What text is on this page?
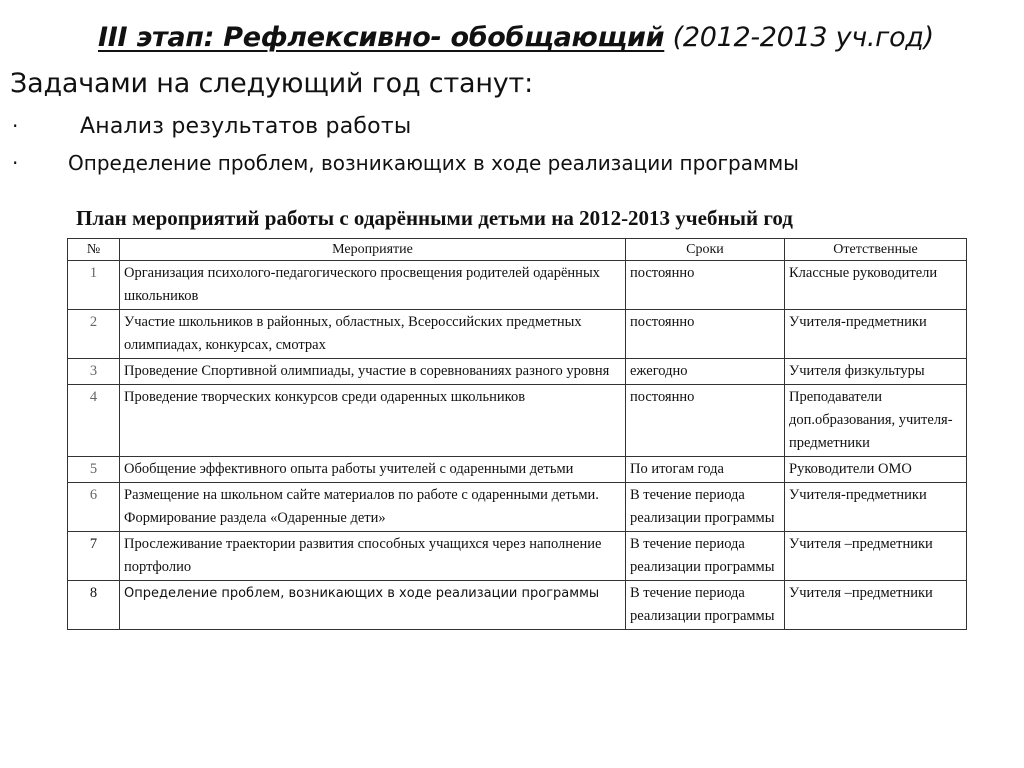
III этап: Рефлексивно- обобщающий (2012-2013 уч.год)
Задачами на следующий год станут:
·	Анализ результатов работы
· Определение проблем, возникающих в ходе реализации программы
План мероприятий работы с одарёнными детьми на 2012-2013 учебный год
№	Мероприятие	Сроки	Отетственные
1	Организация психолого-педагогического просвещения родителей одарённых школьников	постоянно	Классные руководители
2	Участие школьников в районных, областных, Всероссийских предметных олимпиадах, конкурсах, смотрах	постоянно	Учителя-предметники
3	Проведение Спортивной олимпиады, участие в соревнованиях разного уровня	ежегодно	Учителя физкультуры
4	Проведение творческих конкурсов среди одаренных школьников	постоянно	Преподаватели доп.образования, учителя-предметники
5	Обобщение эффективного опыта работы учителей с одаренными детьми	По итогам года	Руководители ОМО
6	Размещение на школьном сайте материалов по работе с одаренными детьми. Формирование раздела «Одаренные дети»	В течение периода реализации программы	Учителя-предметники
7	Прослеживание траектории развития способных учащихся через наполнение портфолио	В течение периода реализации программы	Учителя –предметники
8	Определение проблем, возникающих в ходе реализации программы	В течение периода реализации программы	Учителя –предметники
